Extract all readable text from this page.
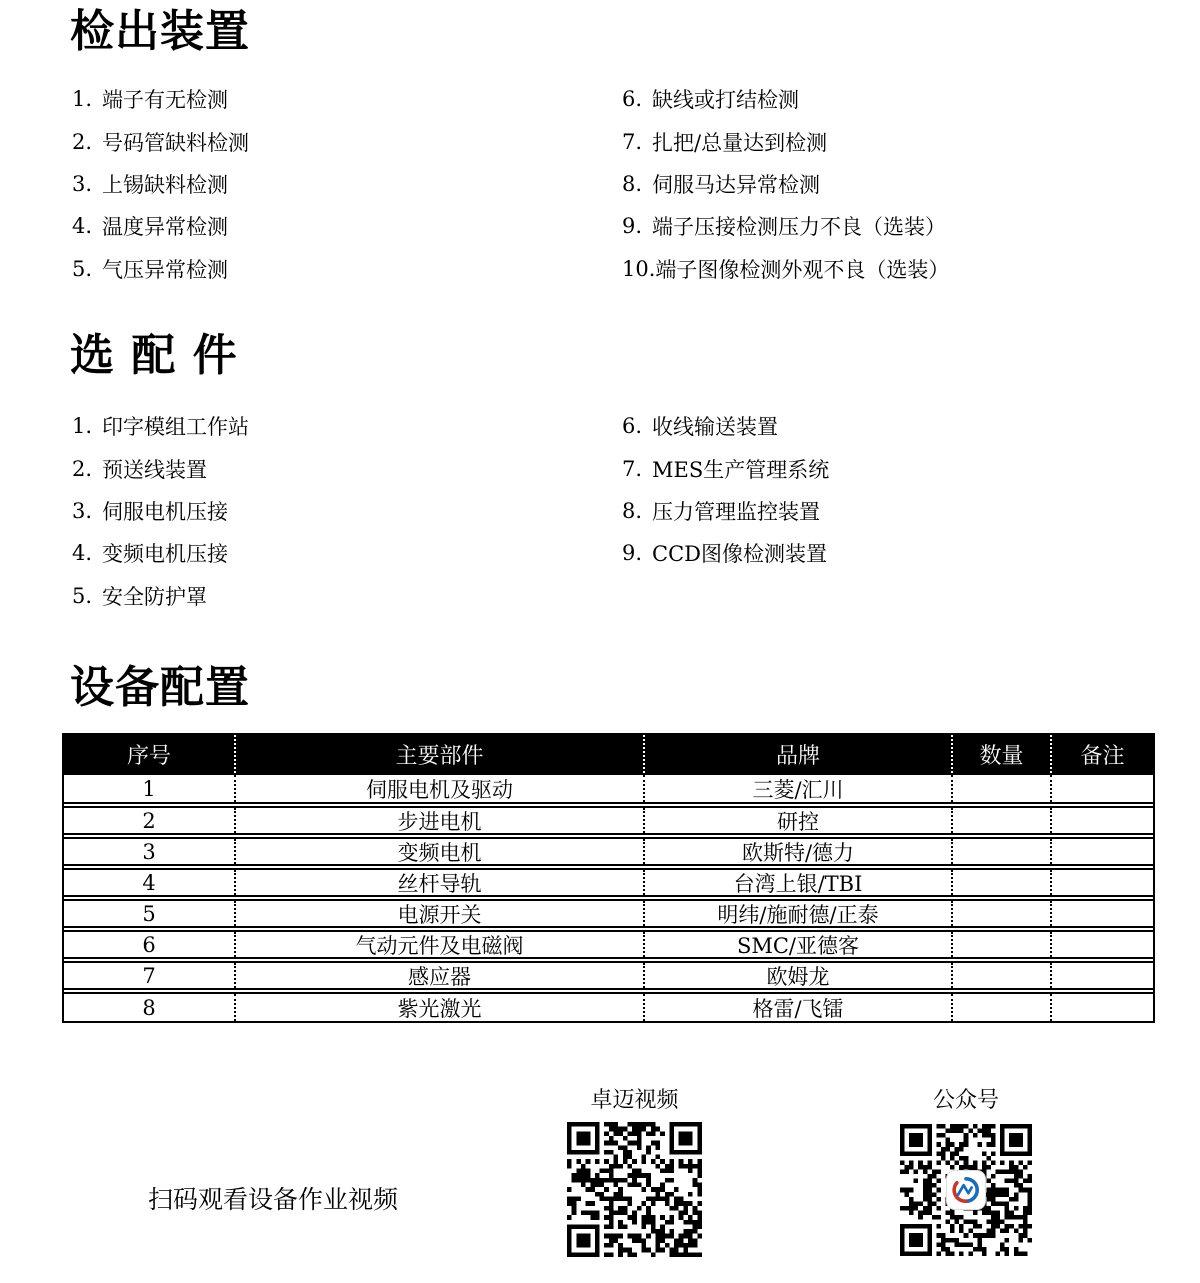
检出装置
1. 端子有无检测
2. 号码管缺料检测
3. 上锡缺料检测
4. 温度异常检测
5. 气压异常检测
6. 缺线或打结检测
7. 扎把/总量达到检测
8. 伺服马达异常检测
9. 端子压接检测压力不良（选装）
10. 端子图像检测外观不良（选装）
选 配 件
1. 印字模组工作站
2. 预送线装置
3. 伺服电机压接
4. 变频电机压接
5. 安全防护罩
6. 收线输送装置
7. MES生产管理系统
8. 压力管理监控装置
9. CCD图像检测装置
设备配置
序号	主要部件	品牌	数量	备注
1	伺服电机及驱动	三菱/汇川
2	步进电机	研控
3	变频电机	欧斯特/德力
4	丝杆导轨	台湾上银/TBI
5	电源开关	明纬/施耐德/正泰
6	气动元件及电磁阀	SMC/亚德客
7	感应器	欧姆龙
8	紫光激光	格雷/飞镭
扫码观看设备作业视频
卓迈视频	公众号
